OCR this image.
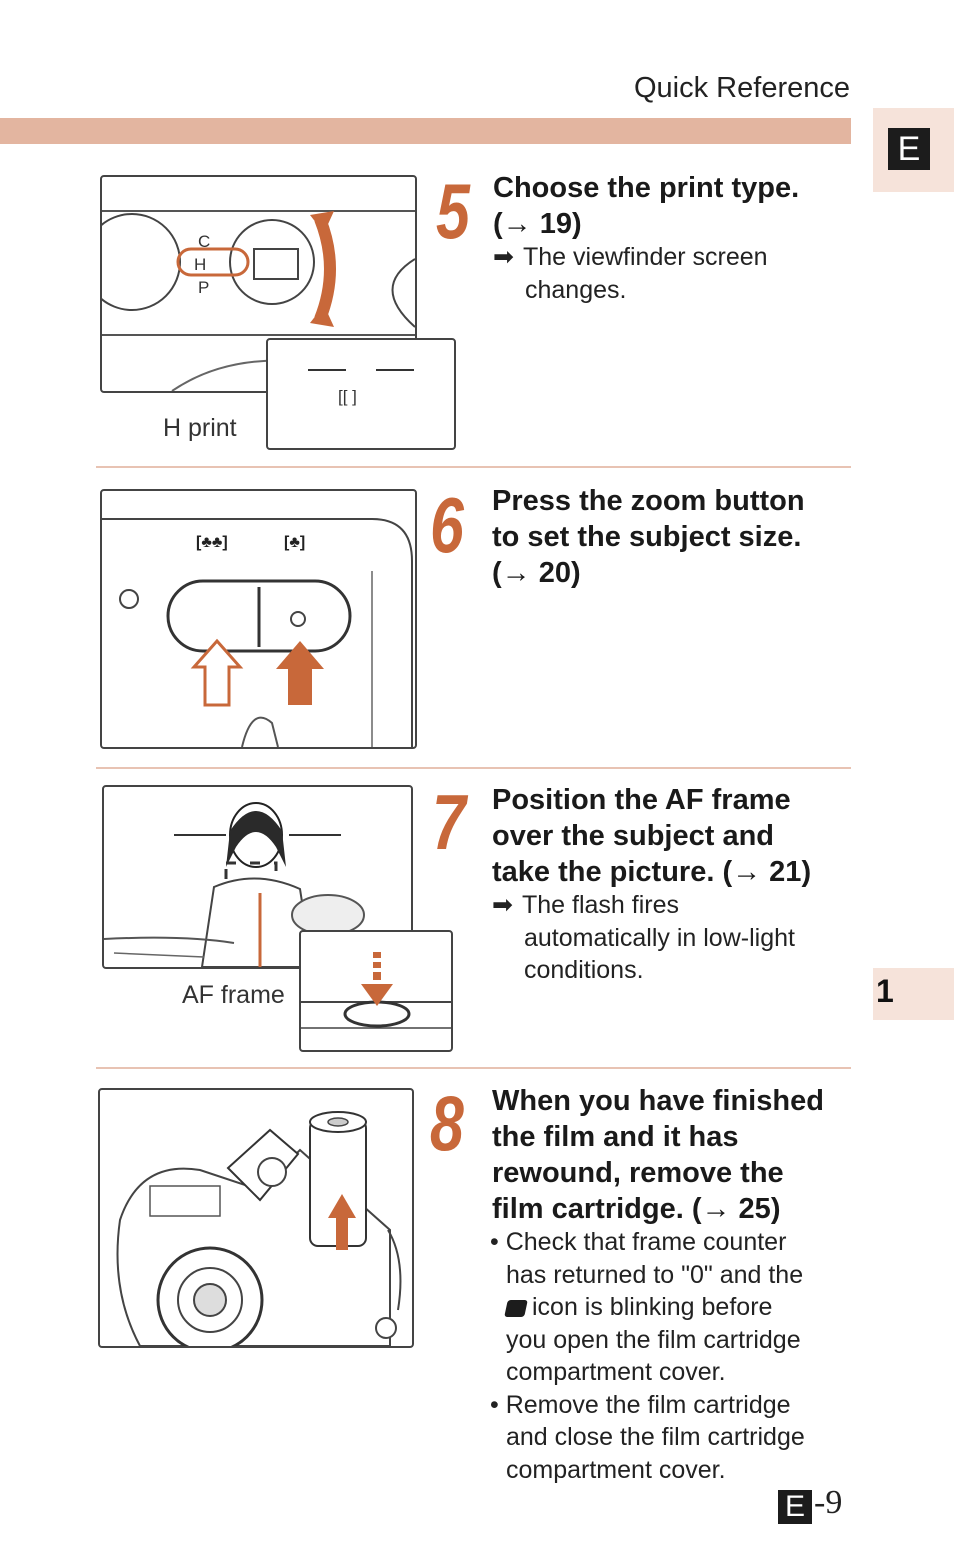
Quick Reference
E
1
C
H
P
[[ ]
H print
5 Choose the print type.
(→ 19)
➡ The viewfinder screen
changes.
[♣♣]	[♣] 6 Press the zoom button
to set the subject size.
(→ 20)
AF frame
7 Position the AF frame
over the subject and
take the picture. (→ 21)
➡ The flash fires
automatically in low-light
conditions.
8 When you have finished
the film and it has
rewound, remove the
film cartridge. (→ 25)
• Check that frame counter
has returned to "0" and the
icon is blinking before
you open the film cartridge
compartment cover.
• Remove the film cartridge
and close the film cartridge
compartment cover.
E -9
